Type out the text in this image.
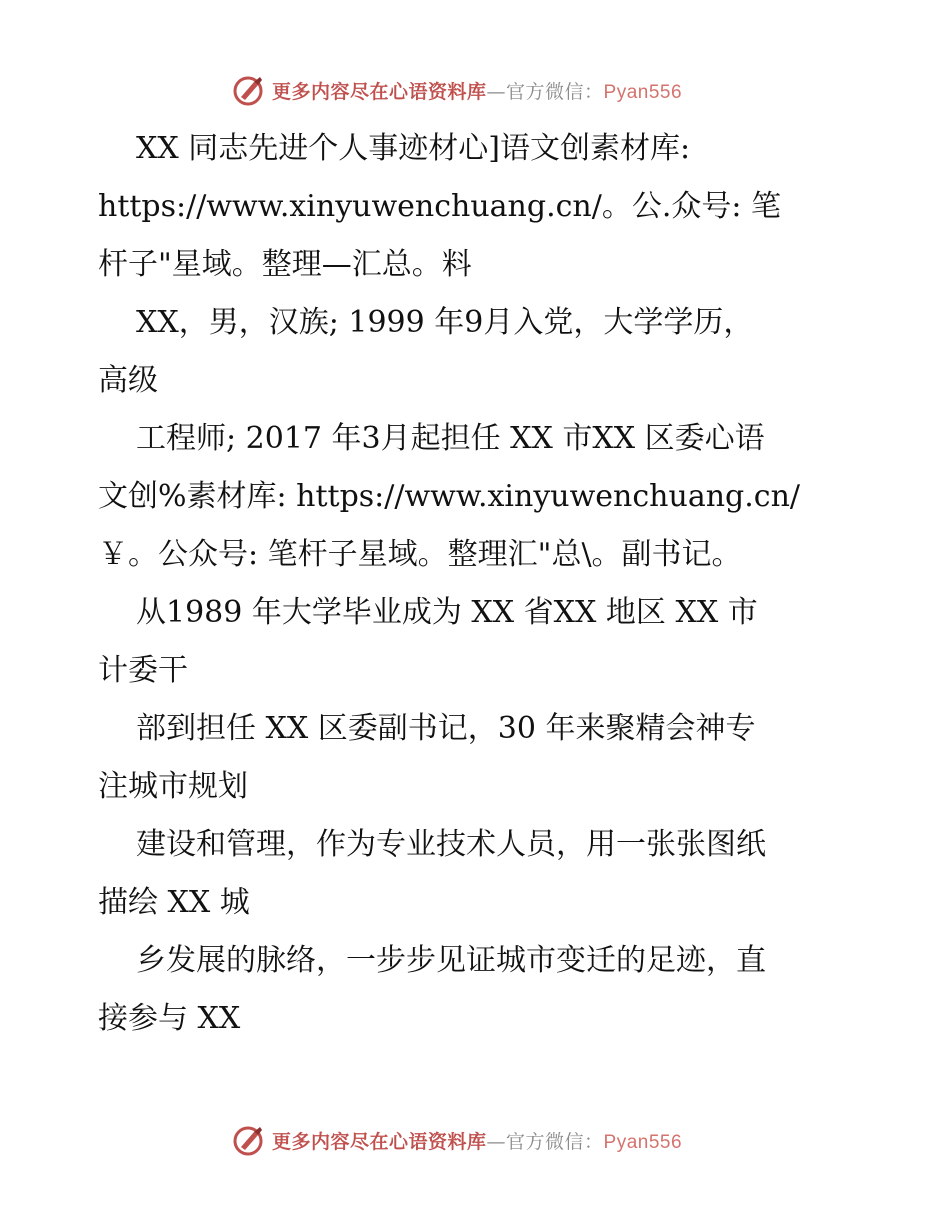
更多内容尽在心语资料库—官方微信：Pyan556
XX 同志先进个人事迹材心]语文创素材库:
https://www.xinyuwenchuang.cn/。公.众号: 笔
杆子"星域。整理—汇总。料
XX，男，汉族; 1999 年9月入党，大学学历，
高级
工程师; 2017 年3月起担任 XX 市XX 区委心语
文创%素材库: https://www.xinyuwenchuang.cn/
￥。公众号: 笔杆子星域。整理汇"总\。副书记。
从1989 年大学毕业成为 XX 省XX 地区 XX 市
计委干
部到担任 XX 区委副书记，30 年来聚精会神专
注城市规划
建设和管理，作为专业技术人员，用一张张图纸
描绘 XX 城
乡发展的脉络，一步步见证城市变迁的足迹，直
接参与 XX
更多内容尽在心语资料库—官方微信：Pyan556
